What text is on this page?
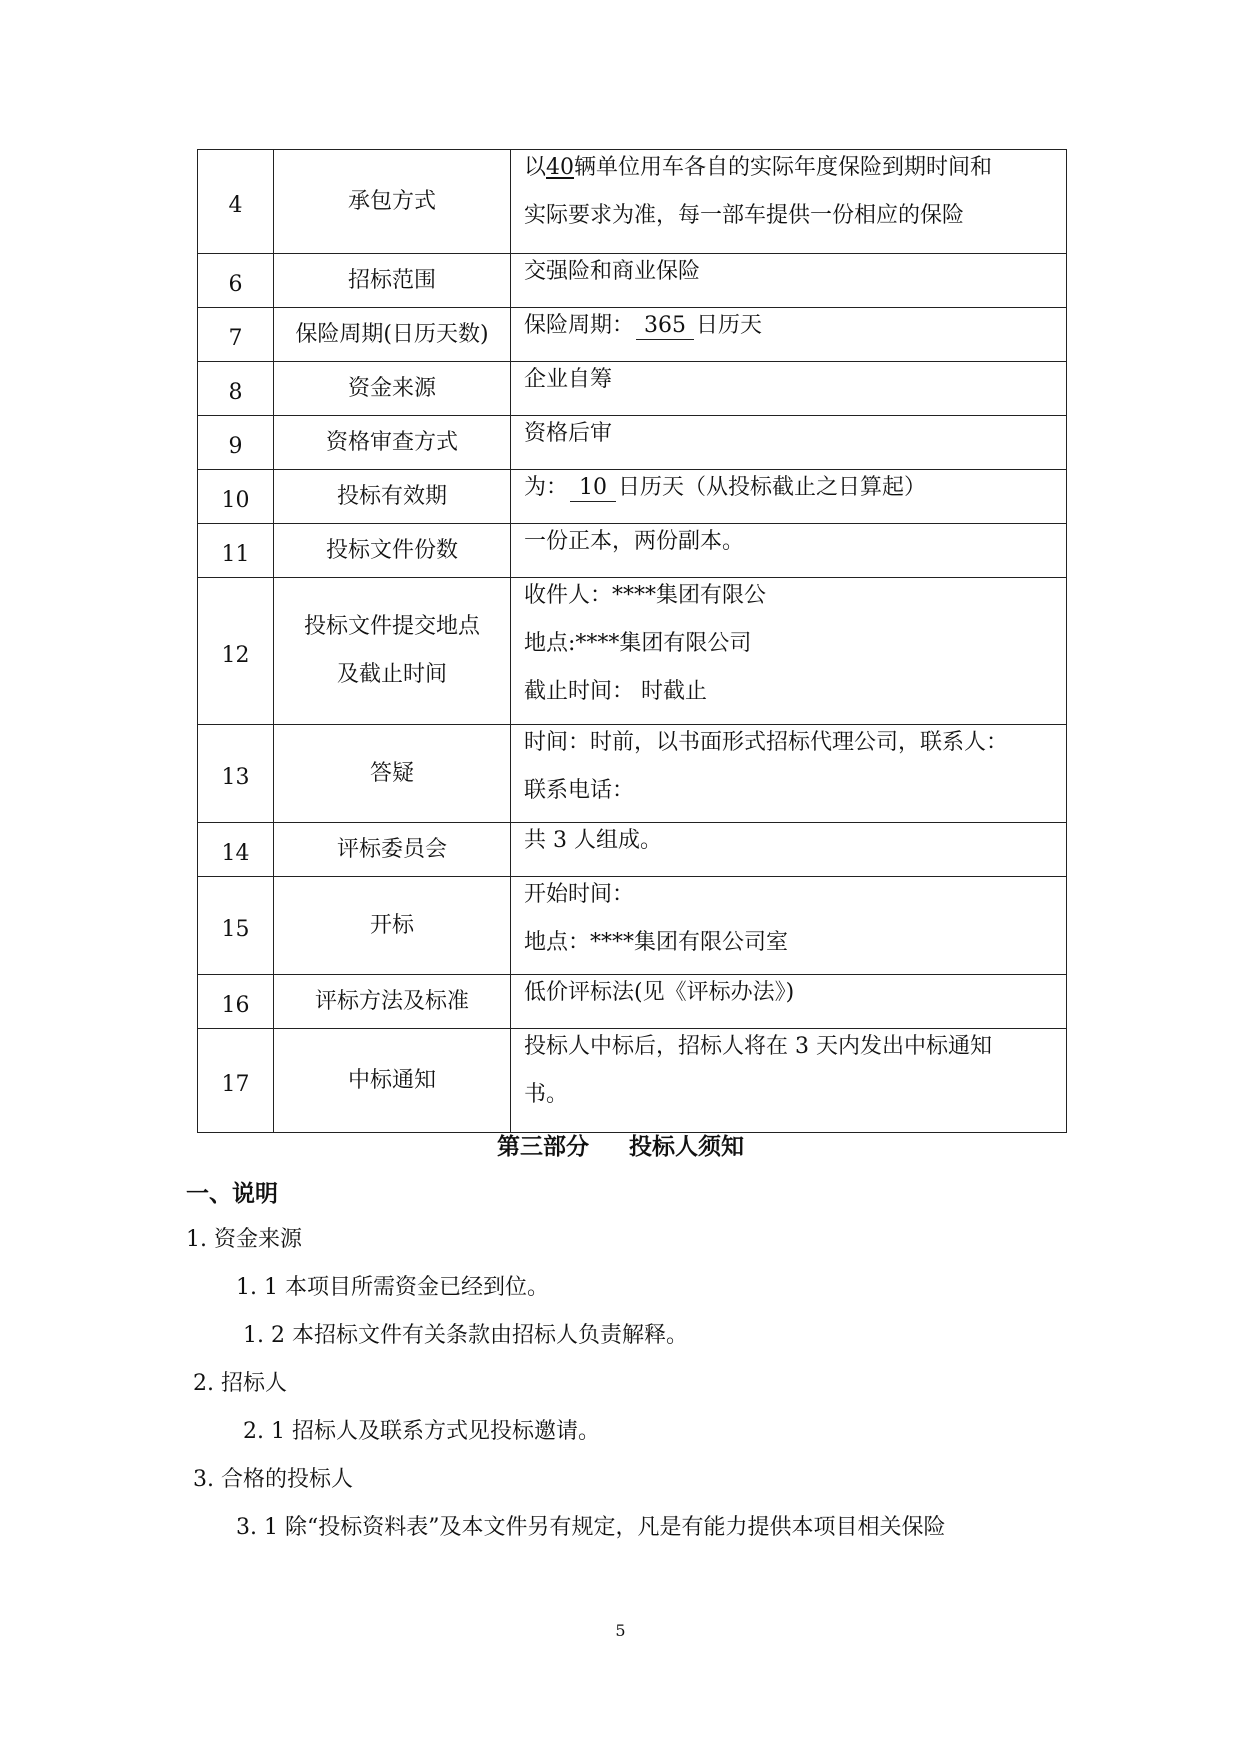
4	承包方式	以40辆单位用车各自的实际年度保险到期时间和
实际要求为准，每一部车提供一份相应的保险

6	招标范围	交强险和商业保险

7	保险周期(日历天数)	保险周期： 365 日历天

8	资金来源	企业自筹

9	资格审查方式	资格后审

10	投标有效期	为： 10 日历天（从投标截止之日算起）

11	投标文件份数	一份正本，两份副本。

12	投标文件提交地点
及截止时间	收件人：****集团有限公
地点:****集团有限公司
截止时间： 时截止

13	答疑	时间：时前，以书面形式招标代理公司，联系人：
联系电话：

14	评标委员会	共 3 人组成。

15	开标	开始时间：
地点：****集团有限公司室

16	评标方法及标准	低价评标法(见《评标办法》)

17	中标通知	投标人中标后，招标人将在 3 天内发出中标通知
书。
第三部分 投标人须知
一、说明
1. 资金来源
1. 1 本项目所需资金已经到位。
1. 2 本招标文件有关条款由招标人负责解释。
2. 招标人
2. 1 招标人及联系方式见投标邀请。
3. 合格的投标人
3. 1 除“投标资料表”及本文件另有规定，凡是有能力提供本项目相关保险
5
